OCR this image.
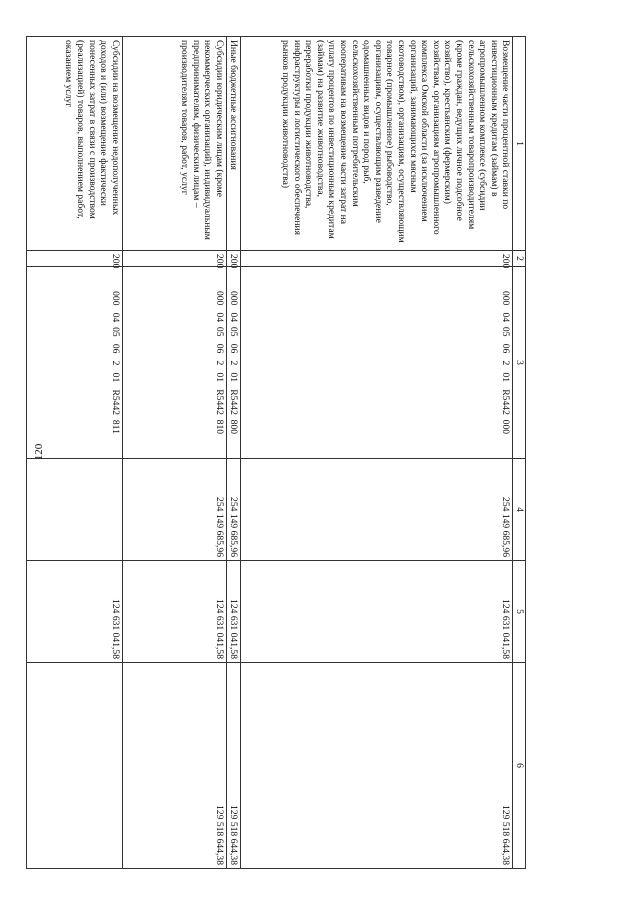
120
1	2	3	4	5	6
Возмещение части процентной ставки по инвестиционным кредитам (займам) в агропромышленном комплексе (субсидии сельскохозяйственным товаропроизводителям (кроме граждан, ведущих личное подсобное хозяйство), крестьянским (фермерским) хозяйствам, организациям агропромышленного комплекса Омской области (за исключением организаций, занимающихся мясным скотоводством), организациям, осуществляющим товарное (промышленное) рыбоводство, организациям, осуществляющим разведение одомашненных видов и пород рыб, сельскохозяйственным потребительским кооперативам на возмещение части затрат на уплату процентов по инвестиционным кредитам (займам) на развитие животноводства, переработки продукции животноводства, инфраструктуры и логистического обеспечения рынков продукции животноводства)	200	000   04  05   06   2   01   R5442  000	254 149 685,96	124 631 041,58	129 518 644,38
Иные бюджетные ассигнования	200	000   04  05   06   2   01   R5442  800	254 149 685,96	124 631 041,58	129 518 644,38
Субсидии юридическим лицам (кроме некоммерческих организаций), индивидуальным предпринимателям, физическим лицам – производителям товаров, работ, услуг	200	000   04  05   06   2   01   R5442  810	254 149 685,96	124 631 041,58	129 518 644,38
Субсидии на возмещение недополученных доходов и (или) возмещение фактически понесенных затрат в связи с производством (реализацией) товаров, выполнением работ, оказанием услуг	200	000   04  05   06   2   01   R5442  811		124 631 041,58	
